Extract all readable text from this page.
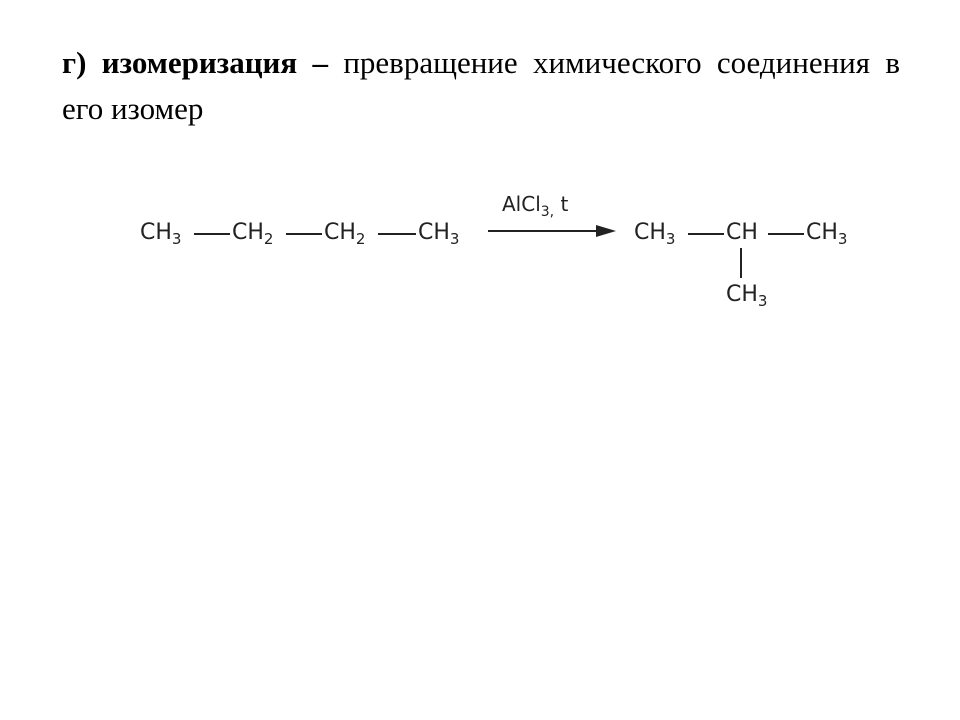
г) изомеризация – превращение химического соединения в его изомер
$CH_3$ $CH_2$ $CH_2$ $CH_3$
AlCl$_{3,}$ t
$CH_3$ CH $CH_3$
$CH_3$
